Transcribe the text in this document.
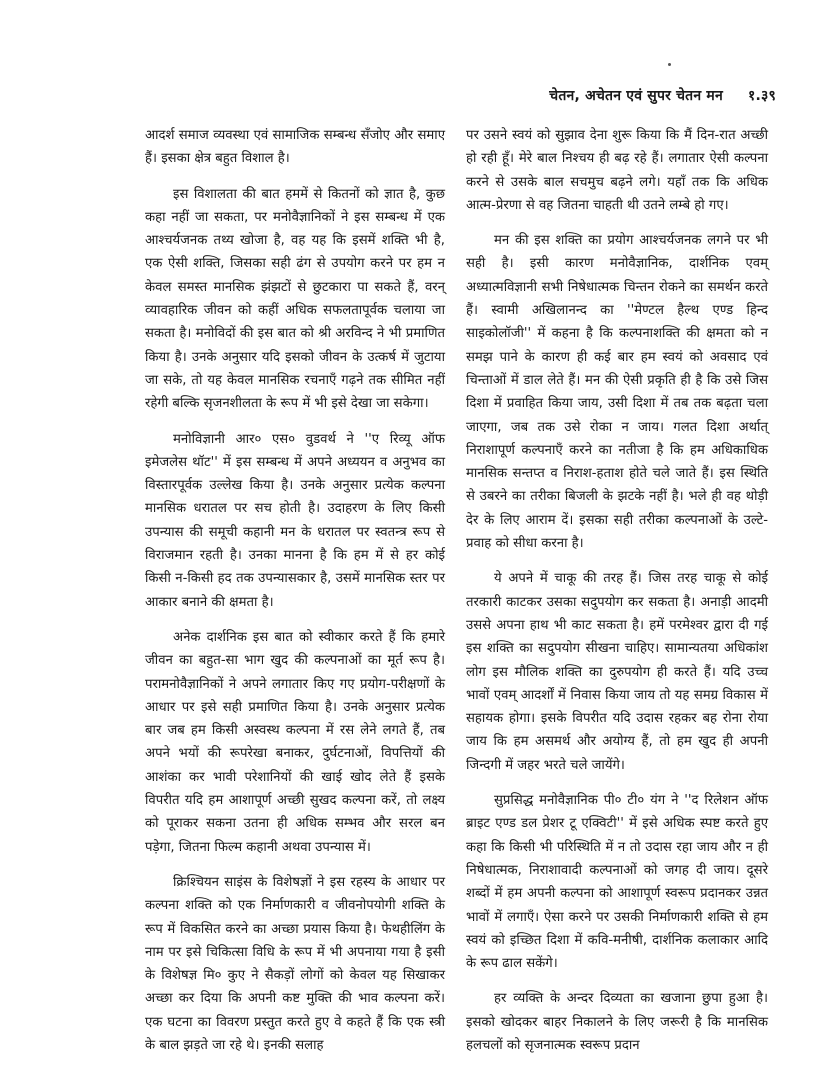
चेतन, अचेतन एवं सुपर चेतन मन १.३९

आदर्श समाज व्यवस्था एवं सामाजिक सम्बन्ध सँजोए और समाए हैं। इसका क्षेत्र बहुत विशाल है।

इस विशालता की बात हममें से कितनों को ज्ञात है, कुछ कहा नहीं जा सकता, पर मनोवैज्ञानिकों ने इस सम्बन्ध में एक आश्चर्यजनक तथ्य खोजा है, वह यह कि इसमें शक्ति भी है, एक ऐसी शक्ति, जिसका सही ढंग से उपयोग करने पर हम न केवल समस्त मानसिक झंझटों से छुटकारा पा सकते हैं, वरन् व्यावहारिक जीवन को कहीं अधिक सफलतापूर्वक चलाया जा सकता है। मनोविदों की इस बात को श्री अरविन्द ने भी प्रमाणित किया है। उनके अनुसार यदि इसको जीवन के उत्कर्ष में जुटाया जा सके, तो यह केवल मानसिक रचनाएँ गढ़ने तक सीमित नहीं रहेगी बल्कि सृजनशीलता के रूप में भी इसे देखा जा सकेगा।

मनोविज्ञानी आर० एस० वुडवर्थ ने ''ए रिव्यू ऑफ इमेजलेस थॉट'' में इस सम्बन्ध में अपने अध्ययन व अनुभव का विस्तारपूर्वक उल्लेख किया है। उनके अनुसार प्रत्येक कल्पना मानसिक धरातल पर सच होती है। उदाहरण के लिए किसी उपन्यास की समूची कहानी मन के धरातल पर स्वतन्त्र रूप से विराजमान रहती है। उनका मानना है कि हम में से हर कोई किसी न-किसी हद तक उपन्यासकार है, उसमें मानसिक स्तर पर आकार बनाने की क्षमता है।

अनेक दार्शनिक इस बात को स्वीकार करते हैं कि हमारे जीवन का बहुत-सा भाग खुद की कल्पनाओं का मूर्त रूप है। परामनोवैज्ञानिकों ने अपने लगातार किए गए प्रयोग-परीक्षणों के आधार पर इसे सही प्रमाणित किया है। उनके अनुसार प्रत्येक बार जब हम किसी अस्वस्थ कल्पना में रस लेने लगते हैं, तब अपने भयों की रूपरेखा बनाकर, दुर्घटनाओं, विपत्तियों की आशंका कर भावी परेशानियों की खाई खोद लेते हैं इसके विपरीत यदि हम आशापूर्ण अच्छी सुखद कल्पना करें, तो लक्ष्य को पूराकर सकना उतना ही अधिक सम्भव और सरल बन पड़ेगा, जितना फिल्म कहानी अथवा उपन्यास में।

क्रिश्चियन साइंस के विशेषज्ञों ने इस रहस्य के आधार पर कल्पना शक्ति को एक निर्माणकारी व जीवनोपयोगी शक्ति के रूप में विकसित करने का अच्छा प्रयास किया है। फेथहीलिंग के नाम पर इसे चिकित्सा विधि के रूप में भी अपनाया गया है इसी के विशेषज्ञ मि० कुए ने सैकड़ों लोगों को केवल यह सिखाकर अच्छा कर दिया कि अपनी कष्ट मुक्ति की भाव कल्पना करें। एक घटना का विवरण प्रस्तुत करते हुए वे कहते हैं कि एक स्त्री के बाल झड़ते जा रहे थे। इनकी सलाह

पर उसने स्वयं को सुझाव देना शुरू किया कि मैं दिन-रात अच्छी हो रही हूँ। मेरे बाल निश्चय ही बढ़ रहे हैं। लगातार ऐसी कल्पना करने से उसके बाल सचमुच बढ़ने लगे। यहाँ तक कि अधिक आत्म-प्रेरणा से वह जितना चाहती थी उतने लम्बे हो गए।

मन की इस शक्ति का प्रयोग आश्चर्यजनक लगने पर भी सही है। इसी कारण मनोवैज्ञानिक, दार्शनिक एवम् अध्यात्मविज्ञानी सभी निषेधात्मक चिन्तन रोकने का समर्थन करते हैं। स्वामी अखिलानन्द का ''मेण्टल हैल्थ एण्ड हिन्द साइकोलॉजी'' में कहना है कि कल्पनाशक्ति की क्षमता को न समझ पाने के कारण ही कई बार हम स्वयं को अवसाद एवं चिन्ताओं में डाल लेते हैं। मन की ऐसी प्रकृति ही है कि उसे जिस दिशा में प्रवाहित किया जाय, उसी दिशा में तब तक बढ़ता चला जाएगा, जब तक उसे रोका न जाय। गलत दिशा अर्थात् निराशापूर्ण कल्पनाएँ करने का नतीजा है कि हम अधिकाधिक मानसिक सन्तप्त व निराश-हताश होते चले जाते हैं। इस स्थिति से उबरने का तरीका बिजली के झटके नहीं है। भले ही वह थोड़ी देर के लिए आराम दें। इसका सही तरीका कल्पनाओं के उल्टे-प्रवाह को सीधा करना है।

ये अपने में चाकू की तरह हैं। जिस तरह चाकू से कोई तरकारी काटकर उसका सदुपयोग कर सकता है। अनाड़ी आदमी उससे अपना हाथ भी काट सकता है। हमें परमेश्वर द्वारा दी गई इस शक्ति का सदुपयोग सीखना चाहिए। सामान्यतया अधिकांश लोग इस मौलिक शक्ति का दुरुपयोग ही करते हैं। यदि उच्च भावों एवम् आदर्शों में निवास किया जाय तो यह समग्र विकास में सहायक होगा। इसके विपरीत यदि उदास रहकर बह रोना रोया जाय कि हम असमर्थ और अयोग्य हैं, तो हम खुद ही अपनी जिन्दगी में जहर भरते चले जायेंगे।

सुप्रसिद्ध मनोवैज्ञानिक पी० टी० यंग ने ''द रिलेशन ऑफ ब्राइट एण्ड डल प्रेशर टू एक्विटी'' में इसे अधिक स्पष्ट करते हुए कहा कि किसी भी परिस्थिति में न तो उदास रहा जाय और न ही निषेधात्मक, निराशावादी कल्पनाओं को जगह दी जाय। दूसरे शब्दों में हम अपनी कल्पना को आशापूर्ण स्वरूप प्रदानकर उन्नत भावों में लगाएँ। ऐसा करने पर उसकी निर्माणकारी शक्ति से हम स्वयं को इच्छित दिशा में कवि-मनीषी, दार्शनिक कलाकार आदि के रूप ढाल सकेंगे।

हर व्यक्ति के अन्दर दिव्यता का खजाना छुपा हुआ है। इसको खोदकर बाहर निकालने के लिए जरूरी है कि मानसिक हलचलों को सृजनात्मक स्वरूप प्रदान
